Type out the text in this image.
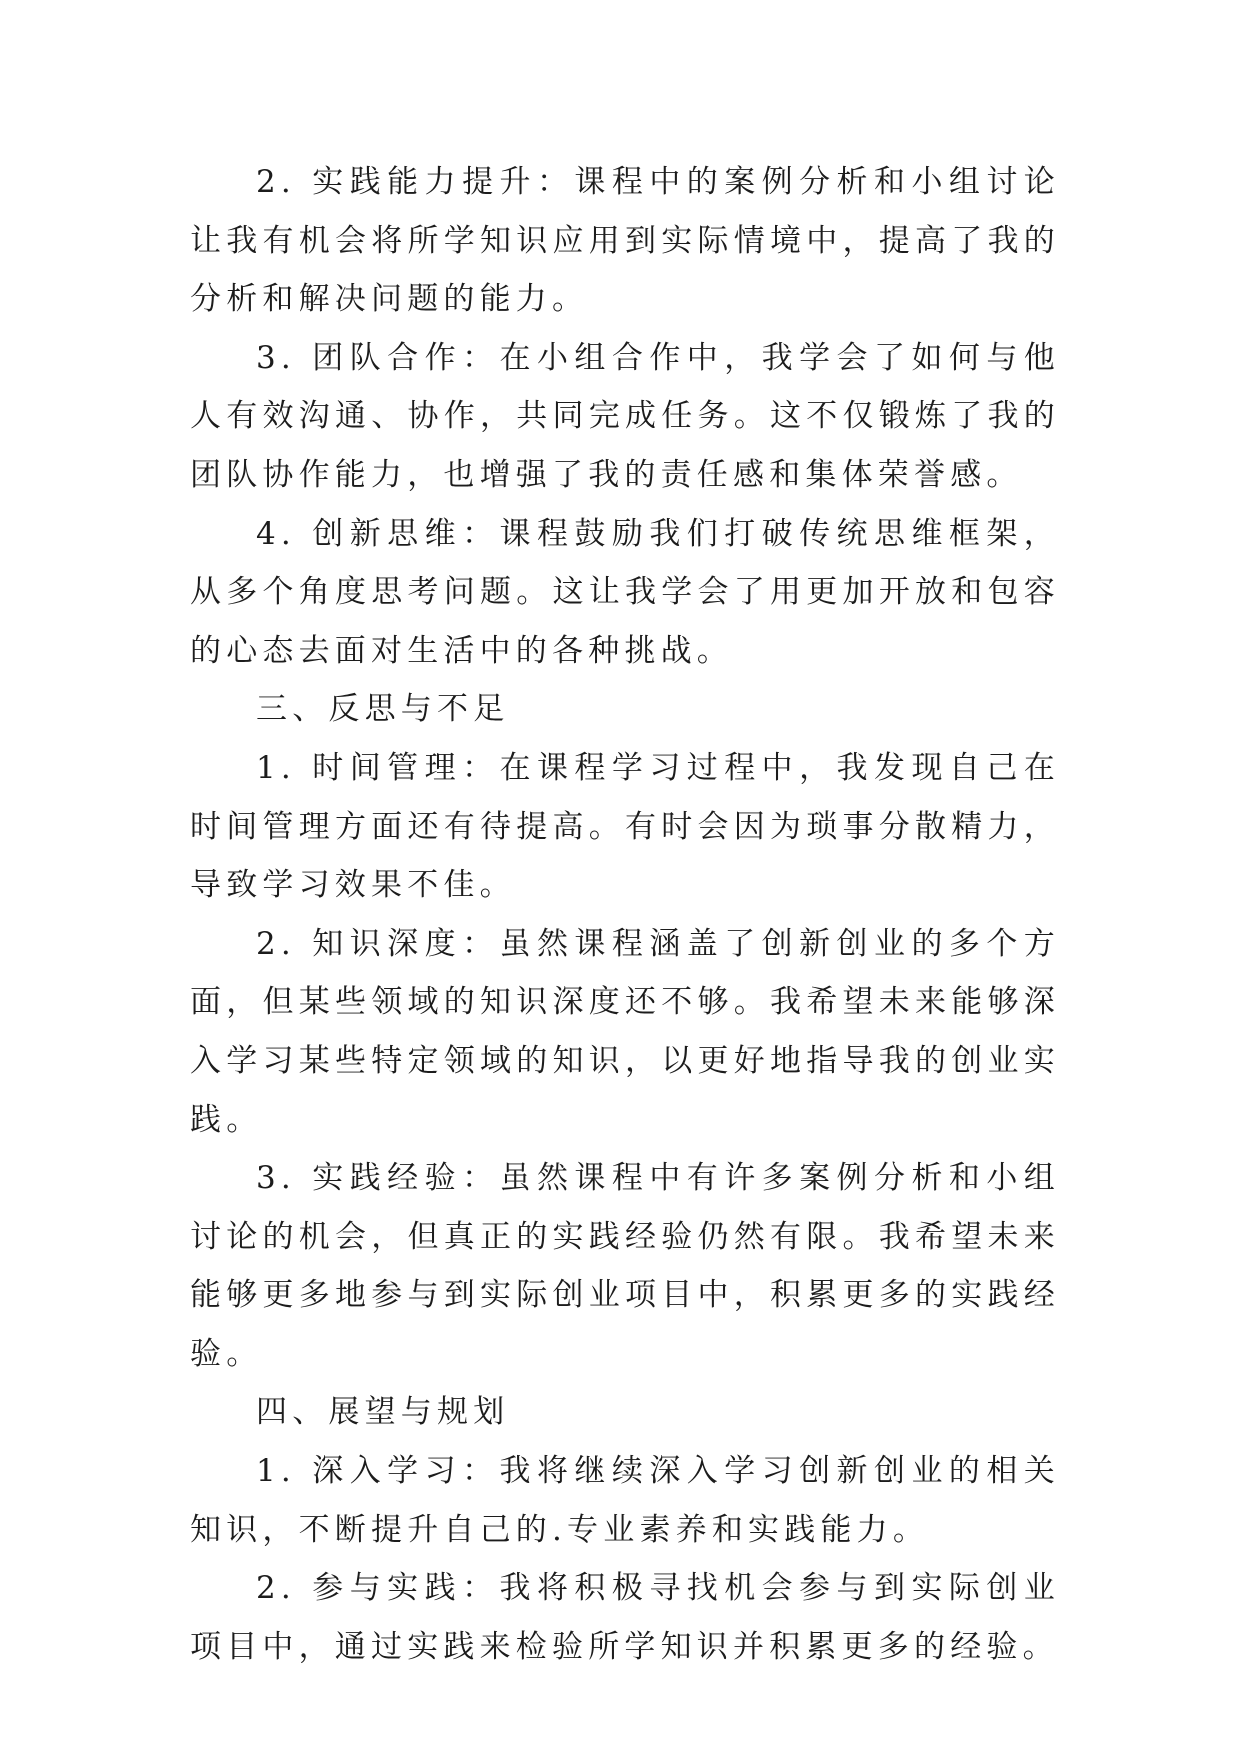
2. 实践能力提升：课程中的案例分析和小组讨论让我有机会将所学知识应用到实际情境中，提高了我的分析和解决问题的能力。

3. 团队合作：在小组合作中，我学会了如何与他人有效沟通、协作，共同完成任务。这不仅锻炼了我的团队协作能力，也增强了我的责任感和集体荣誉感。

4. 创新思维：课程鼓励我们打破传统思维框架，从多个角度思考问题。这让我学会了用更加开放和包容的心态去面对生活中的各种挑战。

三、反思与不足

1. 时间管理：在课程学习过程中，我发现自己在时间管理方面还有待提高。有时会因为琐事分散精力，导致学习效果不佳。

2. 知识深度：虽然课程涵盖了创新创业的多个方面，但某些领域的知识深度还不够。我希望未来能够深入学习某些特定领域的知识，以更好地指导我的创业实践。

3. 实践经验：虽然课程中有许多案例分析和小组讨论的机会，但真正的实践经验仍然有限。我希望未来能够更多地参与到实际创业项目中，积累更多的实践经验。

四、展望与规划

1. 深入学习：我将继续深入学习创新创业的相关知识，不断提升自己的.专业素养和实践能力。

2. 参与实践：我将积极寻找机会参与到实际创业项目中，通过实践来检验所学知识并积累更多的经验。
